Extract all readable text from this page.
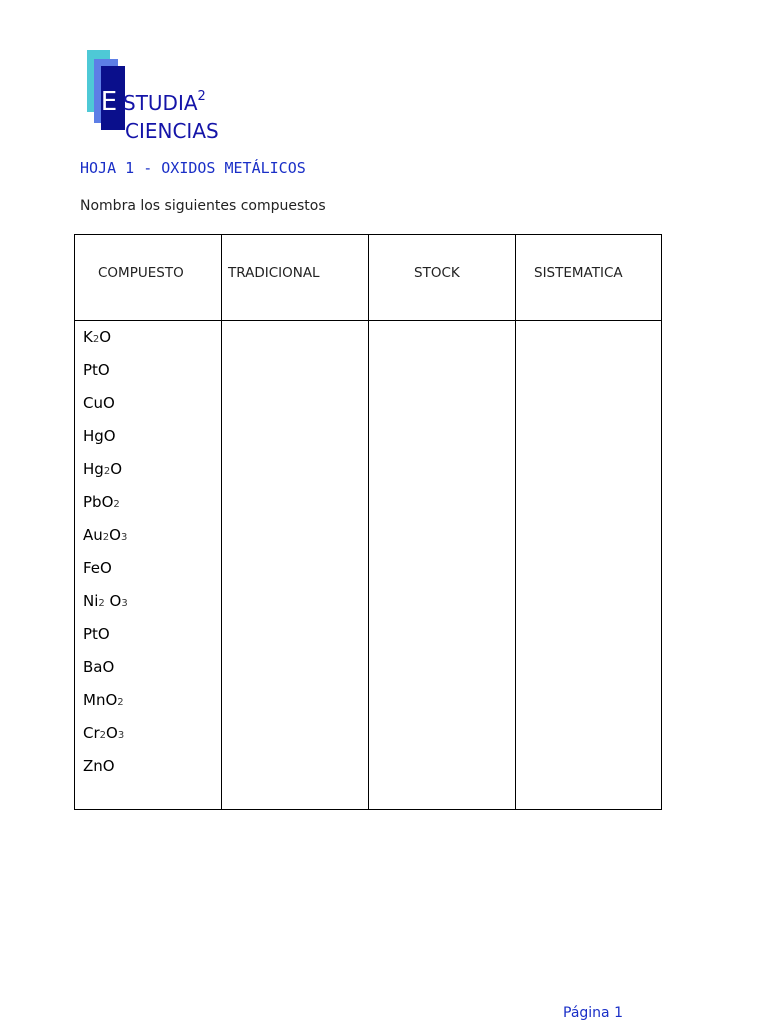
E STUDIA$^2$
CIENCIAS
HOJA 1 - OXIDOS METÁLICOS
Nombra los siguientes compuestos
COMPUESTO	TRADICIONAL	STOCK	SISTEMATICA
K2O
PtO
CuO
HgO
Hg2O
PbO2
Au2O3
FeO
Ni2 O3
PtO
BaO
MnO2
Cr2O3
ZnO
Página 1
